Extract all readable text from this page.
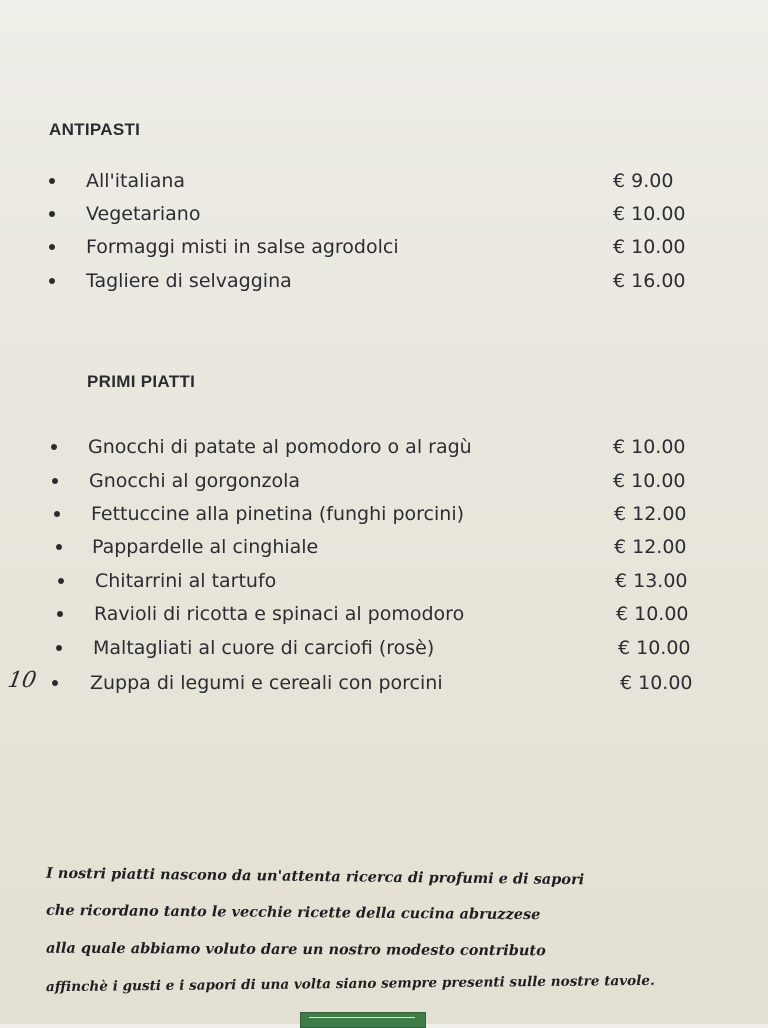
ANTIPASTI
All'italiana	€ 9.00
Vegetariano	€ 10.00
Formaggi misti in salse agrodolci	€ 10.00
Tagliere di selvaggina	€ 16.00
PRIMI PIATTI
Gnocchi di patate al pomodoro o al ragù	€ 10.00
Gnocchi al gorgonzola	€ 10.00
Fettuccine alla pinetina (funghi porcini)	€ 12.00
Pappardelle al cinghiale	€ 12.00
Chitarrini al tartufo	€ 13.00
Ravioli di ricotta e spinaci al pomodoro	€ 10.00
Maltagliati al cuore di carciofi (rosè)	€ 10.00
Zuppa di legumi e cereali con porcini	€ 10.00
10
I nostri piatti nascono da un'attenta ricerca di profumi e di sapori
che ricordano tanto le vecchie ricette della cucina abruzzese
alla quale abbiamo voluto dare un nostro modesto contributo
affinchè i gusti e i sapori di una volta siano sempre presenti sulle nostre tavole.
